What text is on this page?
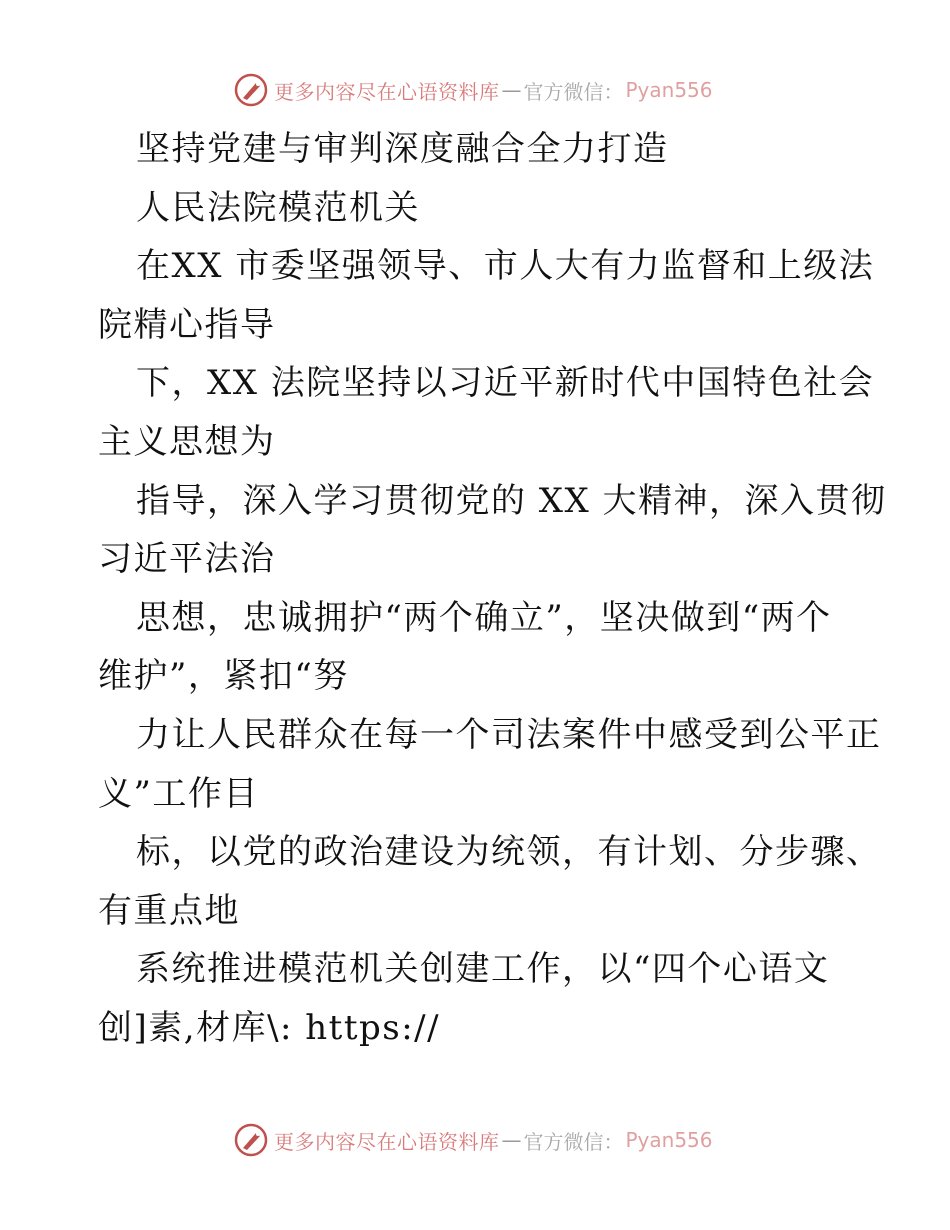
更多内容尽在心语资料库 — 官方微信： Pyan556
坚持党建与审判深度融合全力打造
人民法院模范机关
在XX 市委坚强领导、市人大有力监督和上级法
院精心指导
下，XX 法院坚持以习近平新时代中国特色社会
主义思想为
指导，深入学习贯彻党的 XX 大精神，深入贯彻
习近平法治
思想，忠诚拥护“两个确立”，坚决做到“两个
维护”，紧扣“努
力让人民群众在每一个司法案件中感受到公平正
义”工作目
标，以党的政治建设为统领，有计划、分步骤、
有重点地
系统推进模范机关创建工作，以“四个心语文
创]素,材库\: https://
更多内容尽在心语资料库 — 官方微信： Pyan556
